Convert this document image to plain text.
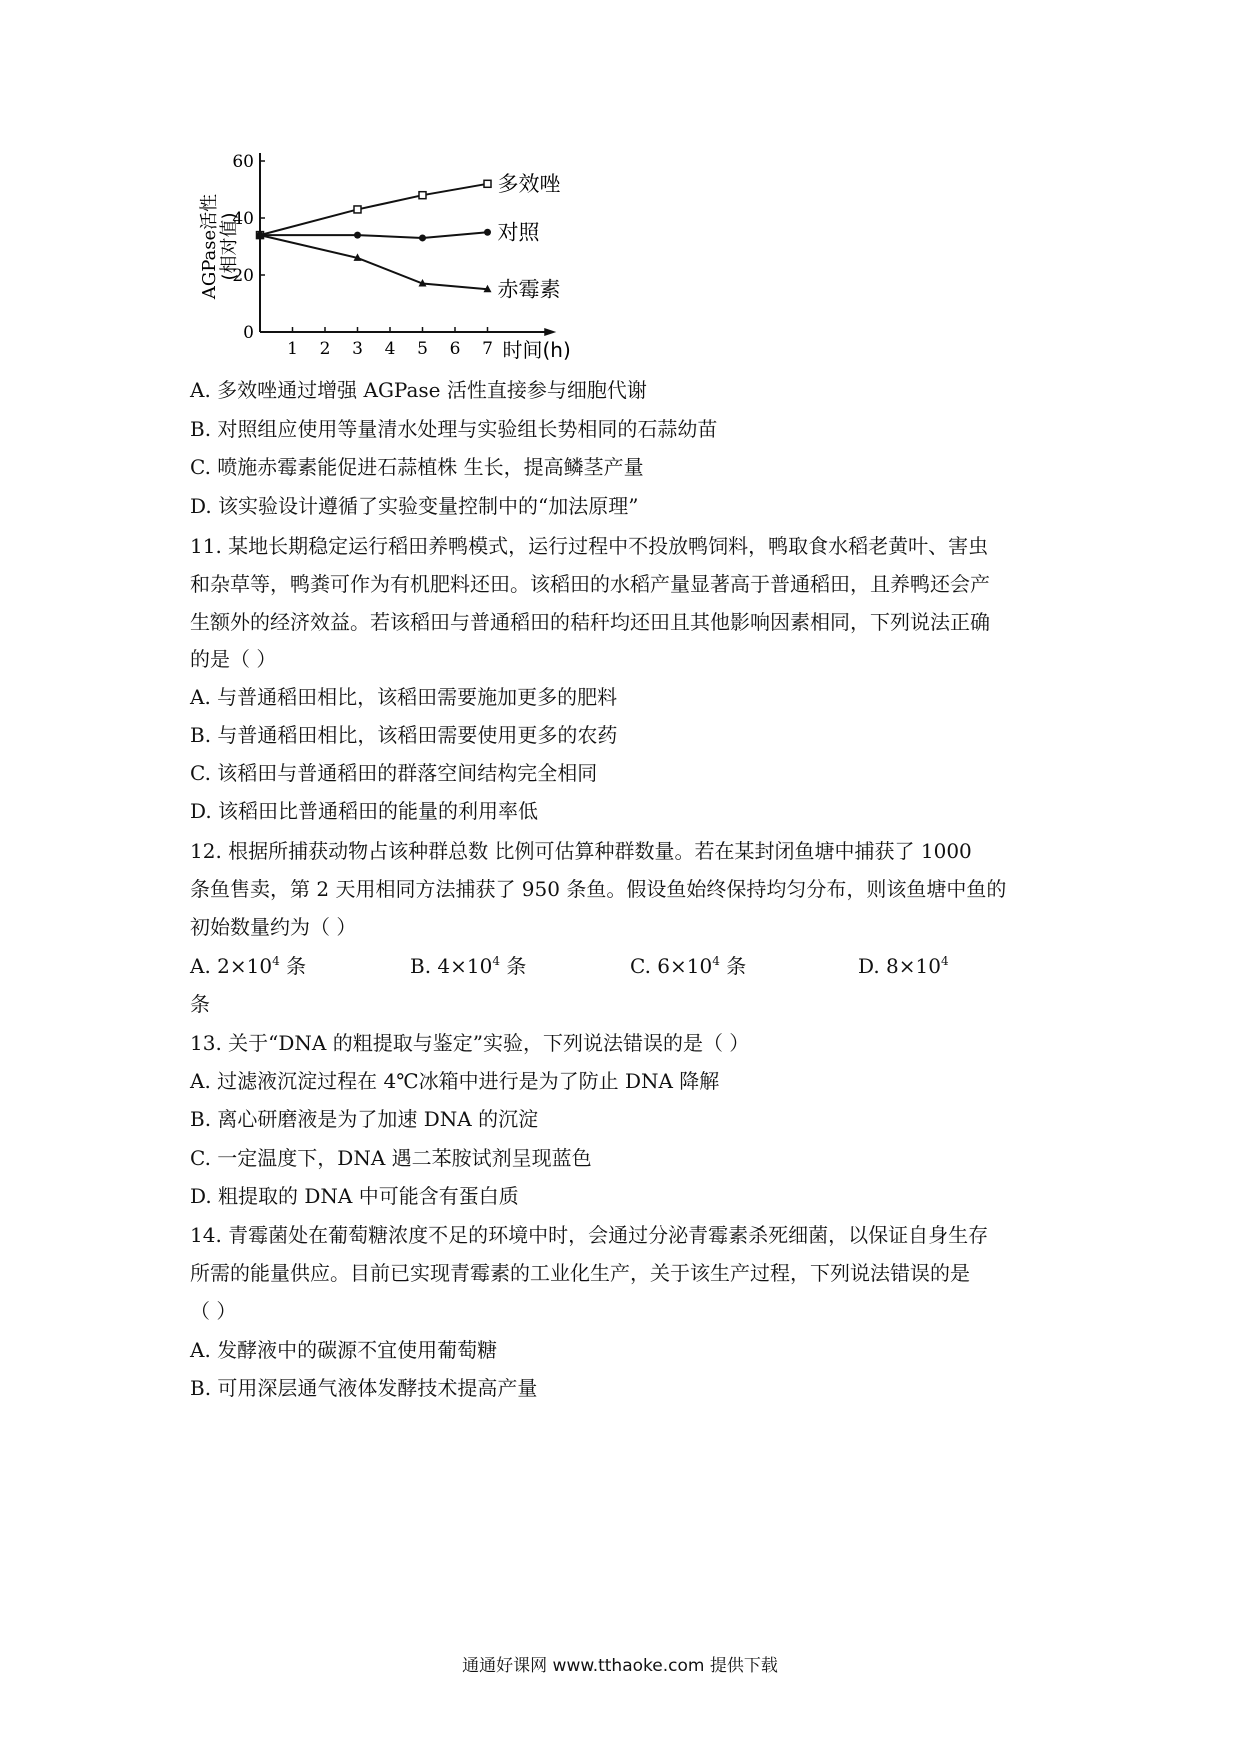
0
20
40
60
1 2 3 4 5 6 7 时间(h)
AGPase活性 (相对值)
多效唑
对照
赤霉素
A. 多效唑通过增强 AGPase 活性直接参与细胞代谢
B. 对照组应使用等量清水处理与实验组长势相同的石蒜幼苗
C. 喷施赤霉素能促进石蒜植株 生长，提高鳞茎产量
D. 该实验设计遵循了实验变量控制中的“加法原理”
11. 某地长期稳定运行稻田养鸭模式，运行过程中不投放鸭饲料，鸭取食水稻老黄叶、害虫
和杂草等，鸭粪可作为有机肥料还田。该稻田的水稻产量显著高于普通稻田，且养鸭还会产
生额外的经济效益。若该稻田与普通稻田的秸秆均还田且其他影响因素相同，下列说法正确
的是（ ）
A. 与普通稻田相比，该稻田需要施加更多的肥料
B. 与普通稻田相比，该稻田需要使用更多的农药
C. 该稻田与普通稻田的群落空间结构完全相同
D. 该稻田比普通稻田的能量的利用率低
12. 根据所捕获动物占该种群总数 比例可估算种群数量。若在某封闭鱼塘中捕获了 1000
条鱼售卖，第 2 天用相同方法捕获了 950 条鱼。假设鱼始终保持均匀分布，则该鱼塘中鱼的
初始数量约为（ ）
A. $2\times 10^4$ 条	B. $4\times 10^4$ 条	C. $6\times 10^4$ 条	D. $8\times 10^4$
条
13. 关于“DNA 的粗提取与鉴定”实验，下列说法错误的是（ ）
A. 过滤液沉淀过程在 4℃冰箱中进行是为了防止 DNA 降解
B. 离心研磨液是为了加速 DNA 的沉淀
C. 一定温度下，DNA 遇二苯胺试剂呈现蓝色
D. 粗提取的 DNA 中可能含有蛋白质
14. 青霉菌处在葡萄糖浓度不足的环境中时，会通过分泌青霉素杀死细菌，以保证自身生存
所需的能量供应。目前已实现青霉素的工业化生产，关于该生产过程，下列说法错误的是
（ ）
A. 发酵液中的碳源不宜使用葡萄糖
B. 可用深层通气液体发酵技术提高产量
通通好课网 www.tthaoke.com 提供下载
